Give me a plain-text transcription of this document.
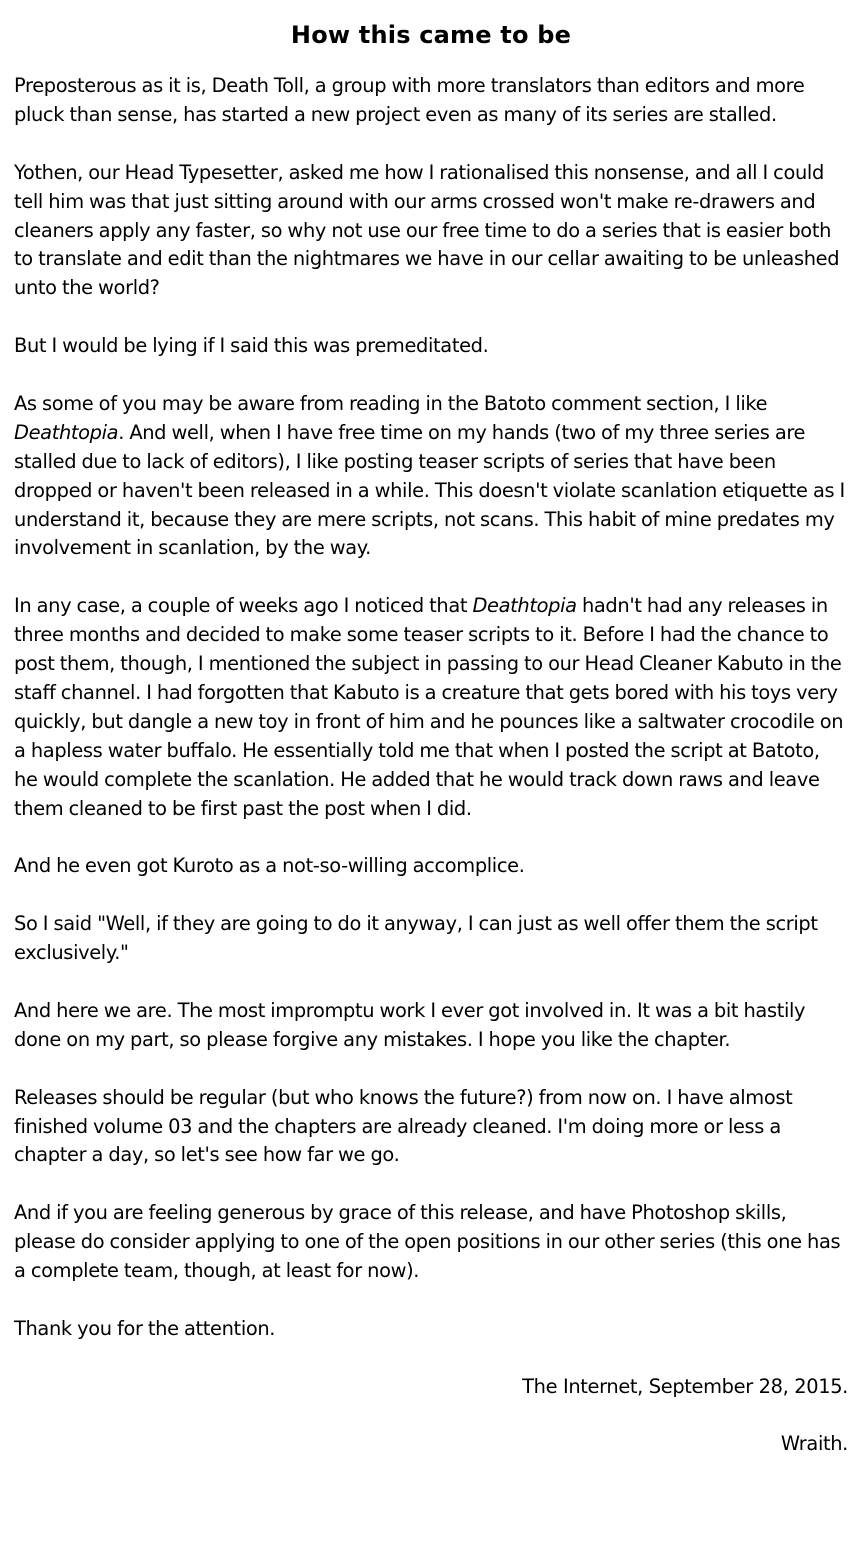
How this came to be

Preposterous as it is, Death Toll, a group with more translators than editors and more pluck than sense, has started a new project even as many of its series are stalled.

Yothen, our Head Typesetter, asked me how I rationalised this nonsense, and all I could tell him was that just sitting around with our arms crossed won't make re-drawers and cleaners apply any faster, so why not use our free time to do a series that is easier both to translate and edit than the nightmares we have in our cellar awaiting to be unleashed unto the world?

But I would be lying if I said this was premeditated.

As some of you may be aware from reading in the Batoto comment section, I like Deathtopia. And well, when I have free time on my hands (two of my three series are stalled due to lack of editors), I like posting teaser scripts of series that have been dropped or haven't been released in a while. This doesn't violate scanlation etiquette as I understand it, because they are mere scripts, not scans. This habit of mine predates my involvement in scanlation, by the way.

In any case, a couple of weeks ago I noticed that Deathtopia hadn't had any releases in three months and decided to make some teaser scripts to it. Before I had the chance to post them, though, I mentioned the subject in passing to our Head Cleaner Kabuto in the staff channel. I had forgotten that Kabuto is a creature that gets bored with his toys very quickly, but dangle a new toy in front of him and he pounces like a saltwater crocodile on a hapless water buffalo. He essentially told me that when I posted the script at Batoto, he would complete the scanlation. He added that he would track down raws and leave them cleaned to be first past the post when I did.

And he even got Kuroto as a not-so-willing accomplice.

So I said "Well, if they are going to do it anyway, I can just as well offer them the script exclusively."

And here we are. The most impromptu work I ever got involved in. It was a bit hastily done on my part, so please forgive any mistakes. I hope you like the chapter.

Releases should be regular (but who knows the future?) from now on. I have almost finished volume 03 and the chapters are already cleaned. I'm doing more or less a chapter a day, so let's see how far we go.

And if you are feeling generous by grace of this release, and have Photoshop skills, please do consider applying to one of the open positions in our other series (this one has a complete team, though, at least for now).

Thank you for the attention.

The Internet, September 28, 2015.
Wraith.
